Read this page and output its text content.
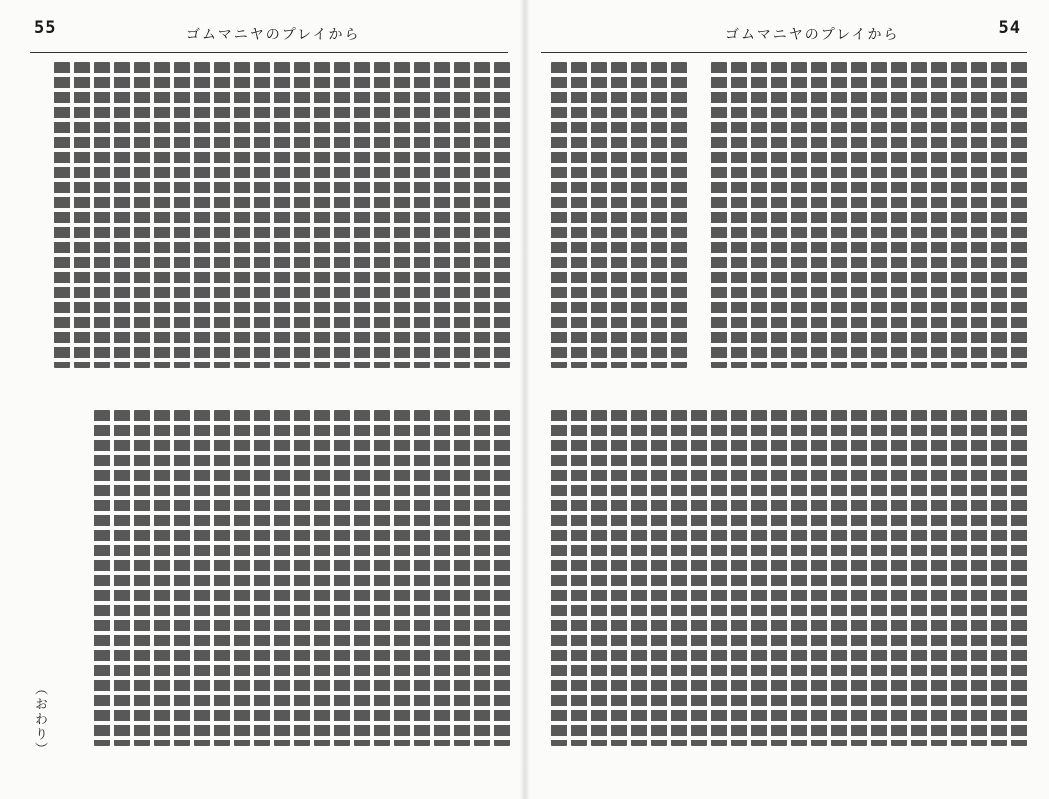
55	ゴムマニヤのプレイから
（おわり）
54
ゴムマニヤのプレイから
